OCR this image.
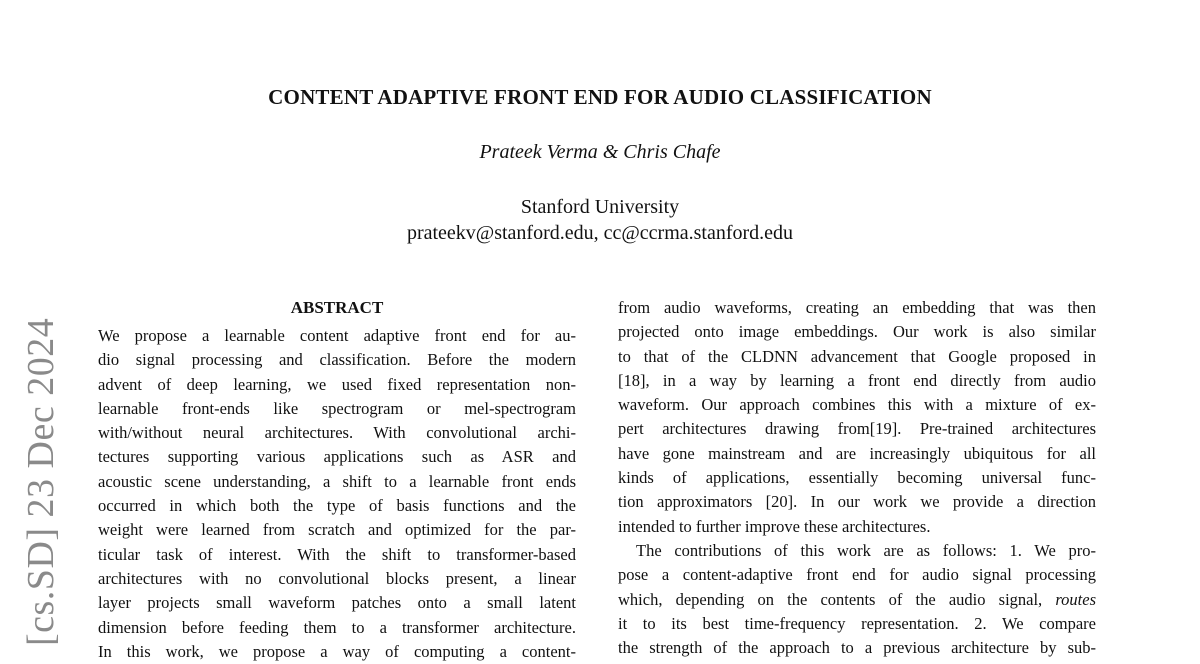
[cs.SD] 23 Dec 2024
CONTENT ADAPTIVE FRONT END FOR AUDIO CLASSIFICATION
Prateek Verma & Chris Chafe
Stanford University
prateekv@stanford.edu, cc@ccrma.stanford.edu
ABSTRACT
We propose a learnable content adaptive front end for au-
dio signal processing and classification. Before the modern
advent of deep learning, we used fixed representation non-
learnable front-ends like spectrogram or mel-spectrogram
with/without neural architectures. With convolutional archi-
tectures supporting various applications such as ASR and
acoustic scene understanding, a shift to a learnable front ends
occurred in which both the type of basis functions and the
weight were learned from scratch and optimized for the par-
ticular task of interest. With the shift to transformer-based
architectures with no convolutional blocks present, a linear
layer projects small waveform patches onto a small latent
dimension before feeding them to a transformer architecture.
In this work, we propose a way of computing a content-
from audio waveforms, creating an embedding that was then
projected onto image embeddings. Our work is also similar
to that of the CLDNN advancement that Google proposed in
[18], in a way by learning a front end directly from audio
waveform. Our approach combines this with a mixture of ex-
pert architectures drawing from[19]. Pre-trained architectures
have gone mainstream and are increasingly ubiquitous for all
kinds of applications, essentially becoming universal func-
tion approximators [20]. In our work we provide a direction
intended to further improve these architectures.
The contributions of this work are as follows: 1. We pro-
pose a content-adaptive front end for audio signal processing
which, depending on the contents of the audio signal, routes
it to its best time-frequency representation. 2. We compare
the strength of the approach to a previous architecture by sub-
